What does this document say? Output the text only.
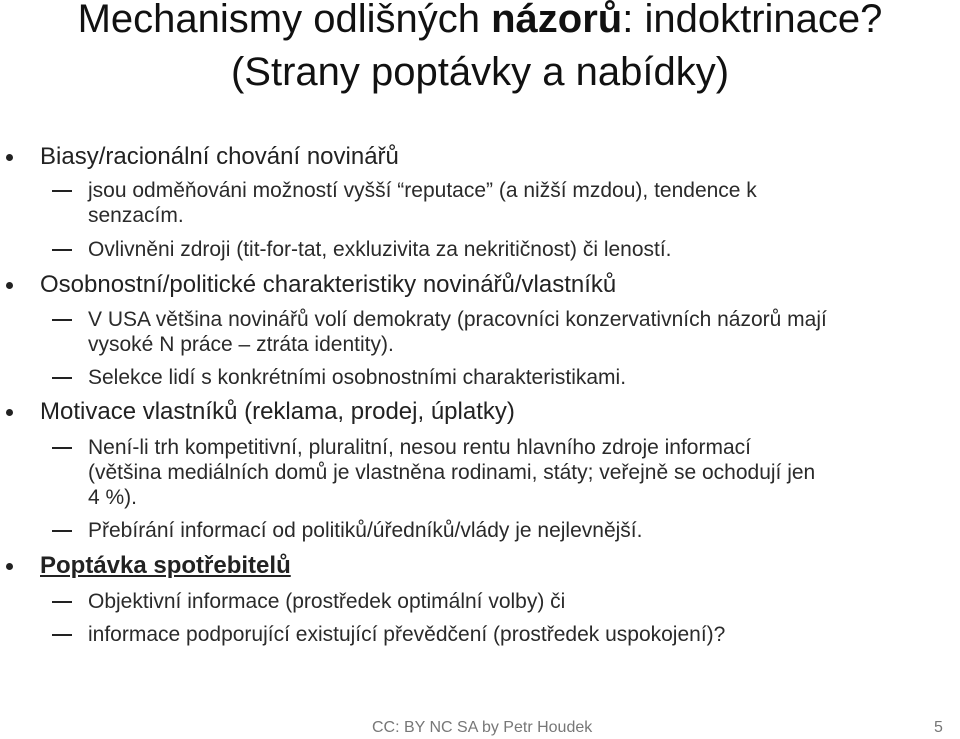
Mechanismy odlišných názorů: indoktrinace?
(Strany poptávky a nabídky)
Biasy/racionální chování novinářů
jsou odměňováni možností vyšší “reputace” (a nižší mzdou), tendence k
senzacím.
Ovlivněni zdroji (tit-for-tat, exkluzivita za nekritičnost) či leností.
Osobnostní/politické charakteristiky novinářů/vlastníků
V USA většina novinářů volí demokraty (pracovníci konzervativních názorů mají
vysoké N práce – ztráta identity).
Selekce lidí s konkrétními osobnostními charakteristikami.
Motivace vlastníků (reklama, prodej, úplatky)
Není-li trh kompetitivní, pluralitní, nesou rentu hlavního zdroje informací
(většina mediálních domů je vlastněna rodinami, státy; veřejně se ochodují jen
4 %).
Přebírání informací od politiků/úředníků/vlády je nejlevnější.
Poptávka spotřebitelů
Objektivní informace (prostředek optimální volby) či
informace podporující existující převědčení (prostředek uspokojení)?
CC: BY NC SA by Petr Houdek	5
